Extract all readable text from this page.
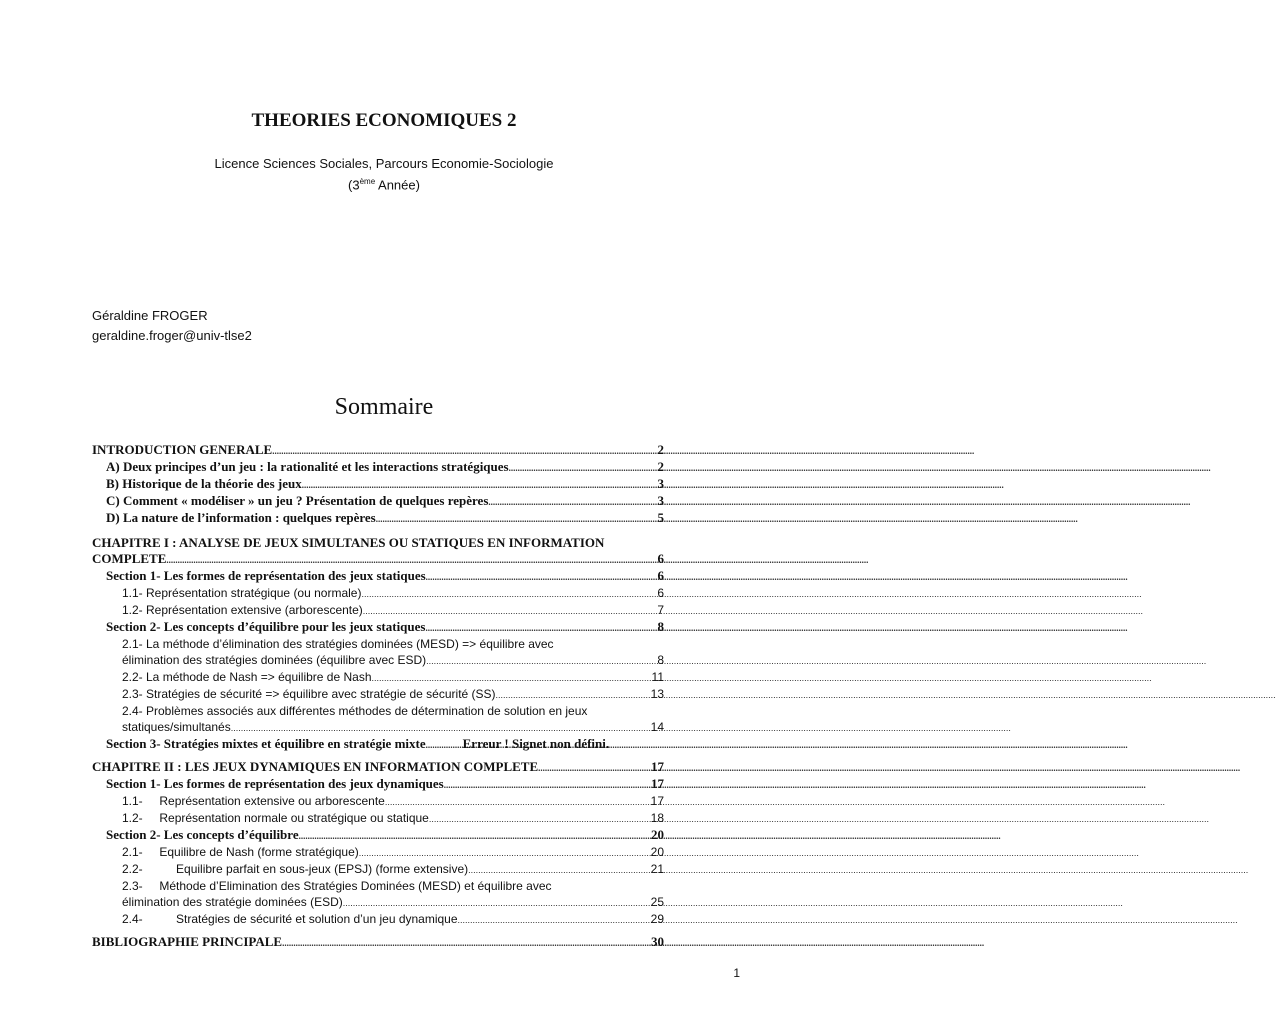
THEORIES ECONOMIQUES 2
Licence Sciences Sociales, Parcours Economie-Sociologie
(3ème Année)
Géraldine FROGER
geraldine.froger@univ-tlse2
Sommaire
INTRODUCTION GENERALE .....	2
A) Deux principes d’un jeu : la rationalité et les interactions stratégiques .....	2
B) Historique de la théorie des jeux .....	3
C) Comment « modéliser » un jeu ? Présentation de quelques repères .....	3
D) La nature de l’information : quelques repères .....	5
CHAPITRE I : ANALYSE DE JEUX SIMULTANES OU STATIQUES EN INFORMATION
COMPLETE .....	6
Section 1- Les formes de représentation des jeux statiques .....	6
1.1- Représentation stratégique (ou normale) .....	6
1.2- Représentation extensive (arborescente) .....	7
Section 2- Les concepts d’équilibre pour les jeux statiques .....	8
2.1- La méthode d’élimination des stratégies dominées (MESD) => équilibre avec
élimination des stratégies dominées (équilibre avec ESD) .....	8
2.2- La méthode de Nash => équilibre de Nash .....	11
2.3- Stratégies de sécurité => équilibre avec stratégie de sécurité (SS) .....	13
2.4- Problèmes associés aux différentes méthodes de détermination de solution en jeux
statiques/simultanés .....	14
Section 3- Stratégies mixtes et équilibre en stratégie mixte .....	Erreur ! Signet non défini.
CHAPITRE II : LES JEUX DYNAMIQUES EN INFORMATION COMPLETE .....	17
Section 1- Les formes de représentation des jeux dynamiques .....	17
1.1-     Représentation extensive ou arborescente .....	17
1.2-     Représentation normale ou stratégique ou statique .....	18
Section 2- Les concepts d’équilibre .....	20
2.1-     Equilibre de Nash (forme stratégique) .....	20
2.2-          Equilibre parfait en sous-jeux (EPSJ) (forme extensive) .....	21
2.3-     Méthode d’Elimination des Stratégies Dominées (MESD) et équilibre avec
élimination des stratégie dominées (ESD) .....	25
2.4-          Stratégies de sécurité et solution d’un jeu dynamique .....	29
BIBLIOGRAPHIE PRINCIPALE .....	30
1
